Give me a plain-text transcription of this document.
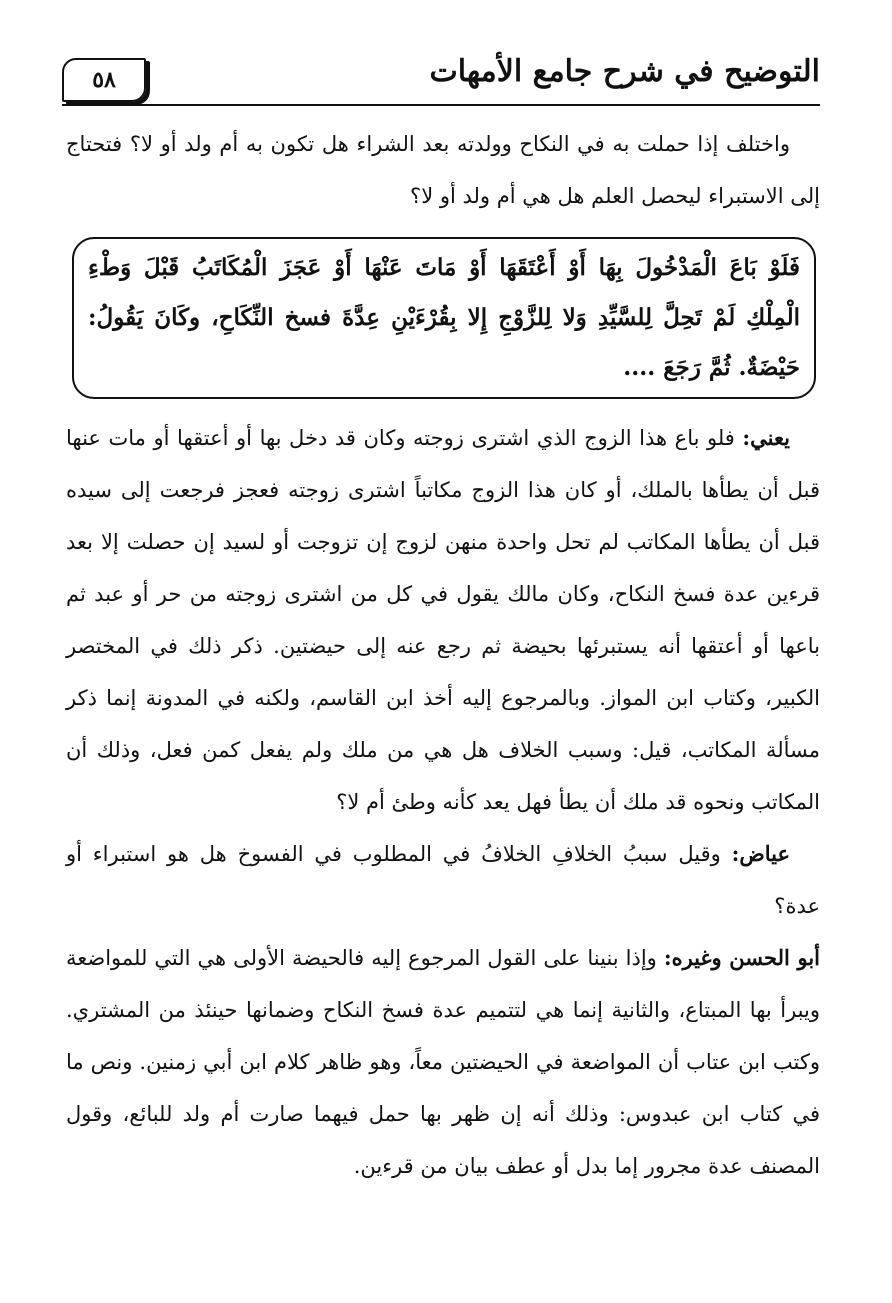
التوضيح في شرح جامع الأمهات
٥٨

واختلف إذا حملت به في النكاح وولدته بعد الشراء هل تكون به أم ولد أو لا؟ فتحتاج إلى الاستبراء ليحصل العلم هل هي أم ولد أو لا؟

فَلَوْ بَاعَ الْمَدْخُولَ بِهَا أَوْ أَعْتَقَهَا أَوْ مَاتَ عَنْهَا أَوْ عَجَزَ الْمُكَاتَبُ قَبْلَ وَطْءِ الْمِلْكِ لَمْ تَحِلَّ لِلسَّيِّدِ وَلا لِلزَّوْجِ إِلا بِقُرْءَيْنِ عِدَّةَ فسخ النِّكَاحِ، وكَانَ يَقُولُ: حَيْضَةٌ. ثُمَّ رَجَعَ ....

يعني: فلو باع هذا الزوج الذي اشترى زوجته وكان قد دخل بها أو أعتقها أو مات عنها قبل أن يطأها بالملك، أو كان هذا الزوج مكاتباً اشترى زوجته فعجز فرجعت إلى سيده قبل أن يطأها المكاتب لم تحل واحدة منهن لزوج إن تزوجت أو لسيد إن حصلت إلا بعد قرءين عدة فسخ النكاح، وكان مالك يقول في كل من اشترى زوجته من حر أو عبد ثم باعها أو أعتقها أنه يستبرئها بحيضة ثم رجع عنه إلى حيضتين. ذكر ذلك في المختصر الكبير، وكتاب ابن المواز. وبالمرجوع إليه أخذ ابن القاسم، ولكنه في المدونة إنما ذكر مسألة المكاتب، قيل: وسبب الخلاف هل هي من ملك ولم يفعل كمن فعل، وذلك أن المكاتب ونحوه قد ملك أن يطأ فهل يعد كأنه وطئ أم لا؟

عياض: وقيل سببُ الخلافِ الخلافُ في المطلوب في الفسوخ هل هو استبراء أو عدة؟

أبو الحسن وغيره: وإذا بنينا على القول المرجوع إليه فالحيضة الأولى هي التي للمواضعة ويبرأ بها المبتاع، والثانية إنما هي لتتميم عدة فسخ النكاح وضمانها حينئذ من المشتري. وكتب ابن عتاب أن المواضعة في الحيضتين معاً، وهو ظاهر كلام ابن أبي زمنين. ونص ما في كتاب ابن عبدوس: وذلك أنه إن ظهر بها حمل فيهما صارت أم ولد للبائع، وقول المصنف عدة مجرور إما بدل أو عطف بيان من قرءين.
